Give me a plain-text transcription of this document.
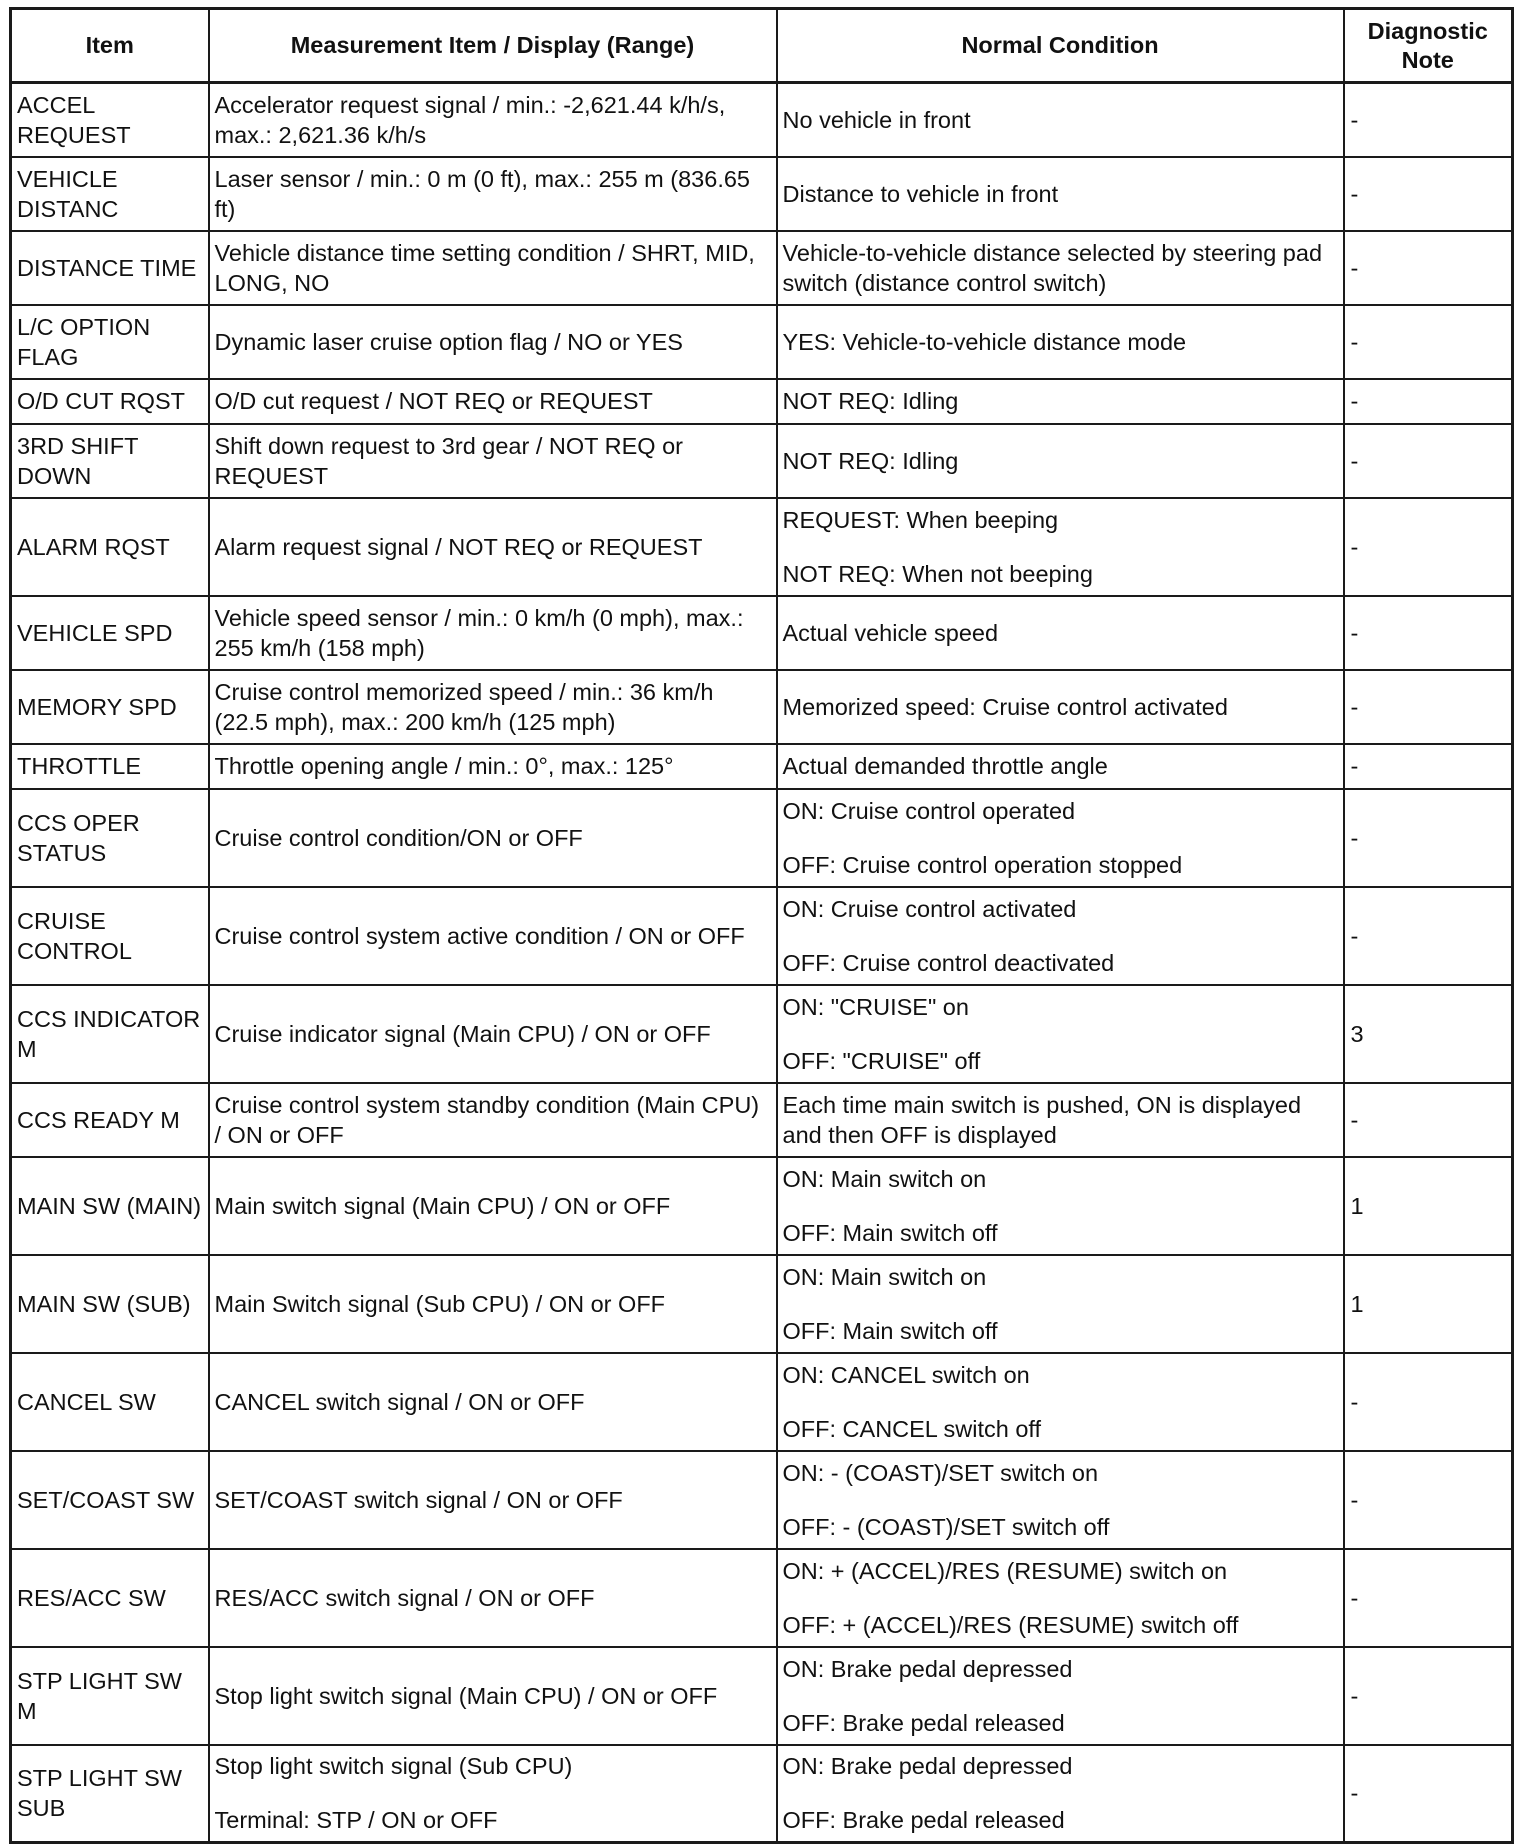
Item	Measurement Item / Display (Range)	Normal Condition	Diagnostic
Note

ACCEL REQUEST	Accelerator request signal / min.: -2,621.44 k/h/s, max.: 2,621.36 k/h/s	No vehicle in front	-
VEHICLE DISTANC	Laser sensor / min.: 0 m (0 ft), max.: 255 m (836.65 ft)	Distance to vehicle in front	-
DISTANCE TIME	Vehicle distance time setting condition / SHRT, MID, LONG, NO	Vehicle-to-vehicle distance selected by steering pad switch (distance control switch)	-
L/C OPTION FLAG	Dynamic laser cruise option flag / NO or YES	YES: Vehicle-to-vehicle distance mode	-
O/D CUT RQST	O/D cut request / NOT REQ or REQUEST	NOT REQ: Idling	-
3RD SHIFT DOWN	Shift down request to 3rd gear / NOT REQ or REQUEST	NOT REQ: Idling	-
ALARM RQST	Alarm request signal / NOT REQ or REQUEST	REQUEST: When beeping
NOT REQ: When not beeping	-
VEHICLE SPD	Vehicle speed sensor / min.: 0 km/h (0 mph), max.: 255 km/h (158 mph)	Actual vehicle speed	-
MEMORY SPD	Cruise control memorized speed / min.: 36 km/h (22.5 mph), max.: 200 km/h (125 mph)	Memorized speed: Cruise control activated	-
THROTTLE	Throttle opening angle / min.: 0°, max.: 125°	Actual demanded throttle angle	-
CCS OPER STATUS	Cruise control condition/ON or OFF	ON: Cruise control operated
OFF: Cruise control operation stopped	-
CRUISE CONTROL	Cruise control system active condition / ON or OFF	ON: Cruise control activated
OFF: Cruise control deactivated	-
CCS INDICATOR M	Cruise indicator signal (Main CPU) / ON or OFF	ON: "CRUISE" on
OFF: "CRUISE" off	3
CCS READY M	Cruise control system standby condition (Main CPU) / ON or OFF	Each time main switch is pushed, ON is displayed and then OFF is displayed	-
MAIN SW (MAIN)	Main switch signal (Main CPU) / ON or OFF	ON: Main switch on
OFF: Main switch off	1
MAIN SW (SUB)	Main Switch signal (Sub CPU) / ON or OFF	ON: Main switch on
OFF: Main switch off	1
CANCEL SW	CANCEL switch signal / ON or OFF	ON: CANCEL switch on
OFF: CANCEL switch off	-
SET/COAST SW	SET/COAST switch signal / ON or OFF	ON: - (COAST)/SET switch on
OFF: - (COAST)/SET switch off	-
RES/ACC SW	RES/ACC switch signal / ON or OFF	ON: + (ACCEL)/RES (RESUME) switch on
OFF: + (ACCEL)/RES (RESUME) switch off	-
STP LIGHT SW M	Stop light switch signal (Main CPU) / ON or OFF	ON: Brake pedal depressed
OFF: Brake pedal released	-
STP LIGHT SW SUB	Stop light switch signal (Sub CPU)
Terminal: STP / ON or OFF	ON: Brake pedal depressed
OFF: Brake pedal released	-
